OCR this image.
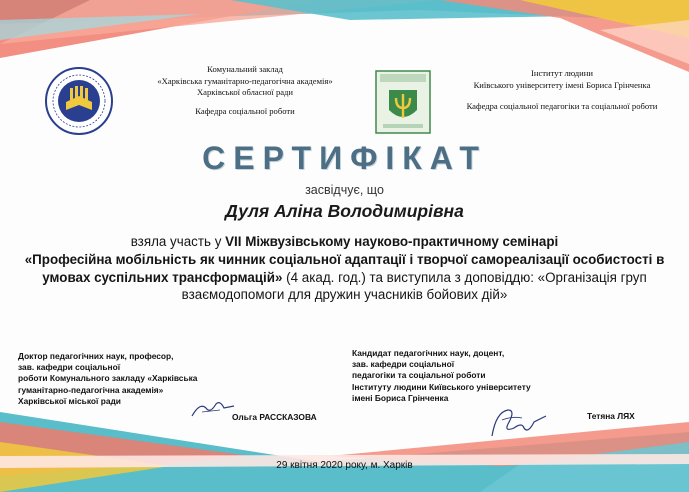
Комунальний заклад
«Харківська гуманітарно-педагогічна академія»
Харківської обласної ради
Кафедра соціальної роботи
Інститут людини
Київського університету імені Бориса Грінченка
Кафедра соціальної педагогіки та соціальної роботи
СЕРТИФІКАТ
засвідчує, що
Дуля Аліна Володимирівна
взяла участь у VII Міжвузівському науково-практичному семінарі
«Професійна мобільність як чинник соціальної адаптації і творчої самореалізації особистості в умовах суспільних трансформацій» (4 акад. год.) та виступила з доповіддю: «Організація груп взаємодопомоги для дружин учасників бойових дій»
Доктор педагогічних наук, професор,
зав. кафедри соціальної
роботи Комунального закладу «Харківська
гуманітарно-педагогічна академія»
Харківської міської ради
Кандидат педагогічних наук, доцент,
зав. кафедри соціальної
педагогіки та соціальної роботи
Інституту людини Київського університету
імені Бориса Грінченка
Ольга РАССКАЗОВА	Тетяна ЛЯХ
29 квітня 2020 року, м. Харків
